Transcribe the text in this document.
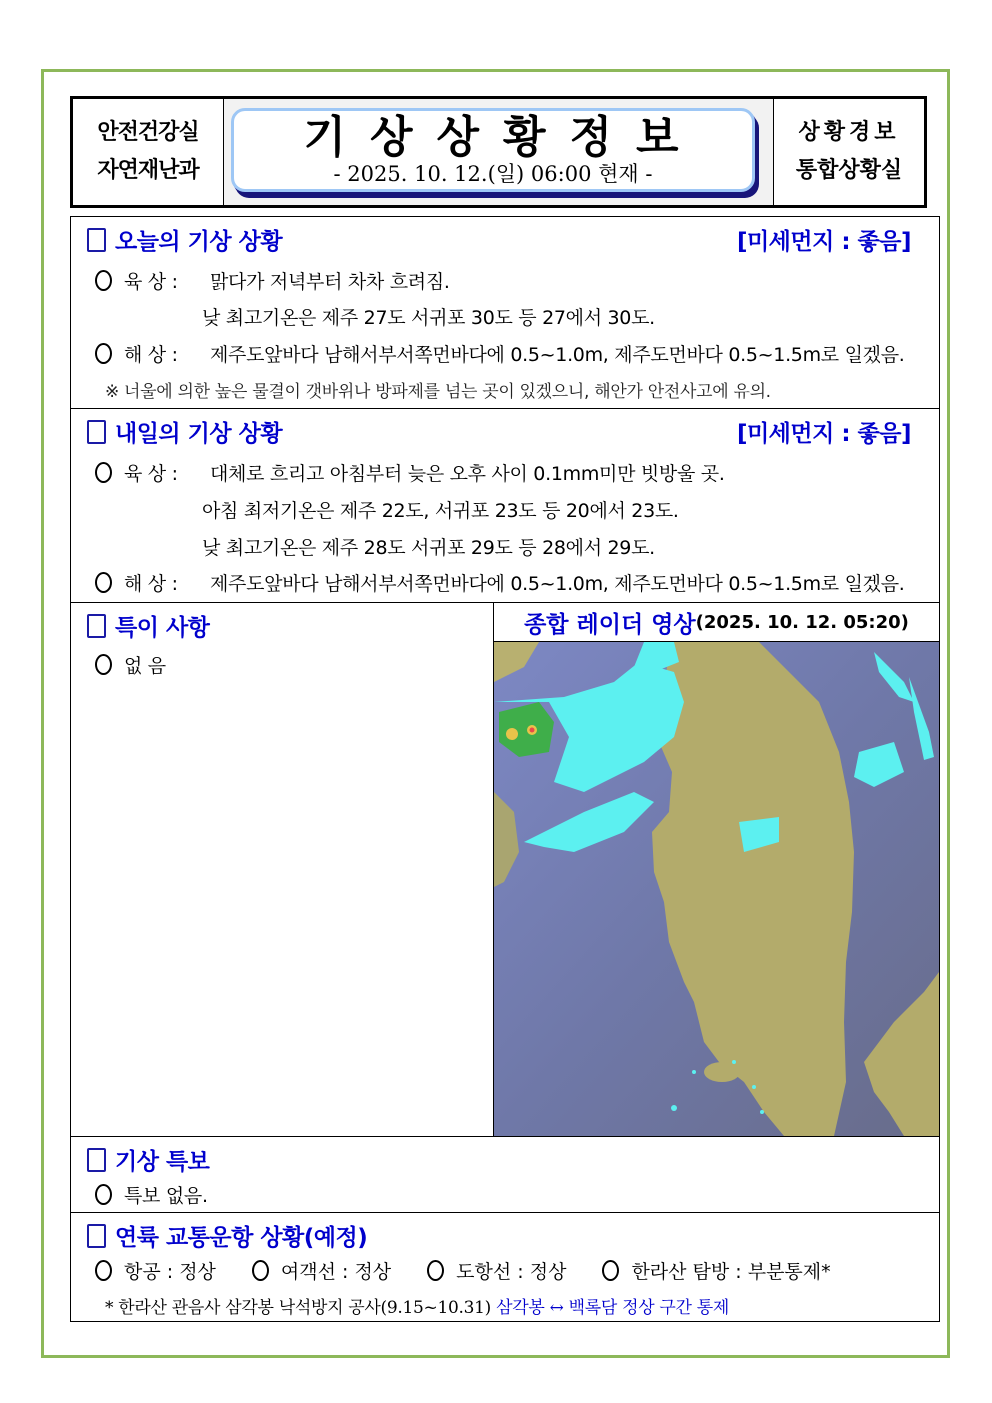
안전건강실
자연재난과
기상상황정보
- 2025. 10. 12.(일) 06:00 현재 -
상황경보
통합상황실
오늘의 기상 상황	[미세먼지 : 좋음]
육 상 :	맑다가 저녁부터 차차 흐려짐.
낮 최고기온은 제주 27도 서귀포 30도 등 27에서 30도.
해 상 :	제주도앞바다 남해서부서쪽먼바다에 0.5~1.0m, 제주도먼바다 0.5~1.5m로 일겠음.
※ 너울에 의한 높은 물결이 갯바위나 방파제를 넘는 곳이 있겠으니, 해안가 안전사고에 유의.
내일의 기상 상황	[미세먼지 : 좋음]
육 상 :	대체로 흐리고 아침부터 늦은 오후 사이 0.1mm미만 빗방울 곳.
아침 최저기온은 제주 22도, 서귀포 23도 등 20에서 23도.
낮 최고기온은 제주 28도 서귀포 29도 등 28에서 29도.
해 상 :	제주도앞바다 남해서부서쪽먼바다에 0.5~1.0m, 제주도먼바다 0.5~1.5m로 일겠음.
특이 사항
없 음
종합 레이더 영상 (2025. 10. 12. 05:20)
기상 특보
특보 없음.
연륙 교통운항 상황(예정)
항공 : 정상	여객선 : 정상	도항선 : 정상	한라산 탐방 : 부분통제*
* 한라산 관음사 삼각봉 낙석방지 공사(9.15~10.31)
삼각봉 ↔ 백록담 정상 구간 통제
